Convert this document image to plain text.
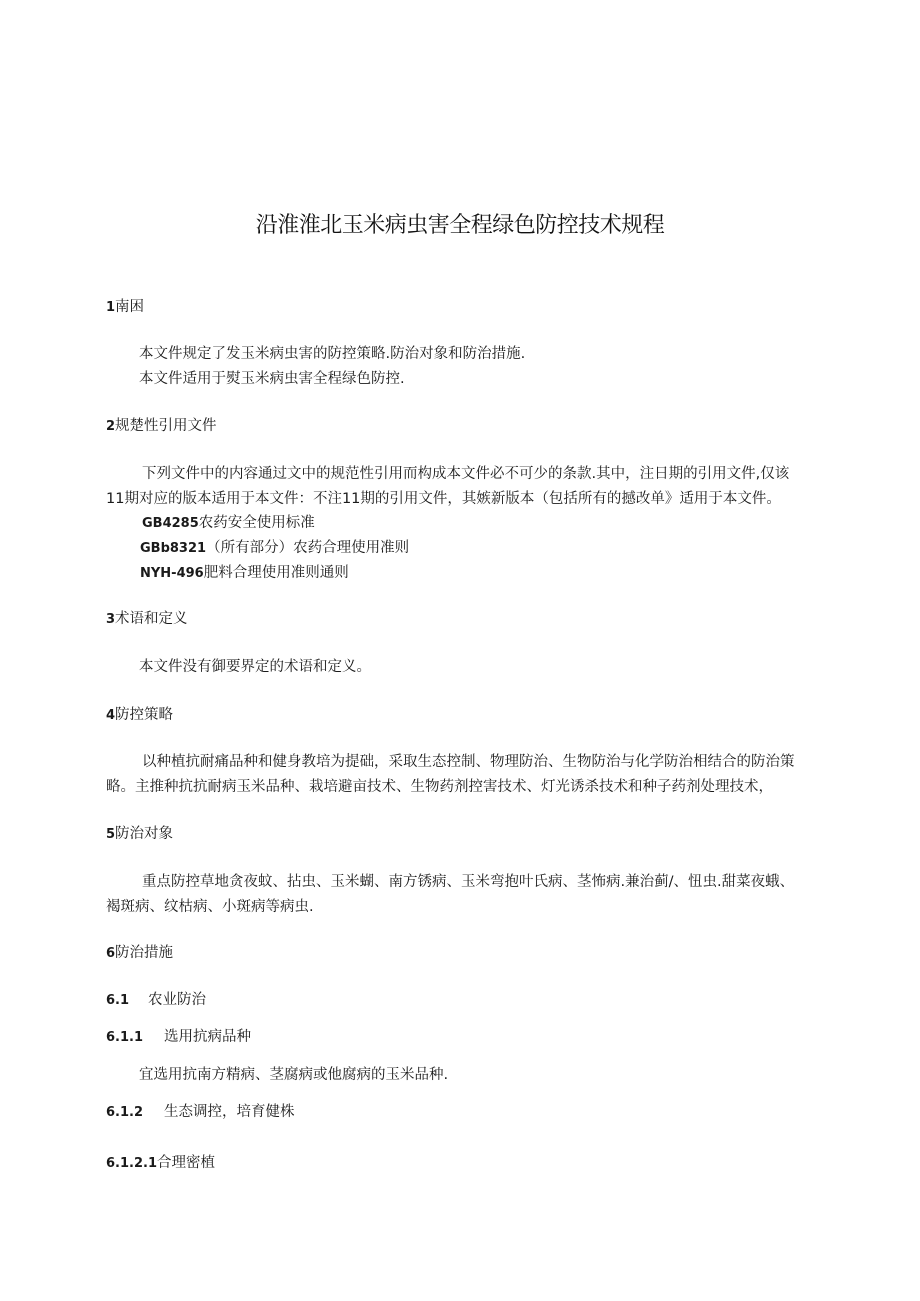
沿淮淮北玉米病虫害全程绿色防控技术规程
1南困
本文件规定了发玉米病虫害的防控策略.防治对象和防治措施.
本文件适用于熨玉米病虫害全程绿色防控.
2规楚性引用文件
下列文件中的内容通过文中的规范性引用而构成本文件必不可少的条款.其中，注日期的引用文件,仅该
11期对应的版本适用于本文件：不注11期的引用文件，其嫉新版本（包括所有的撼改单》适用于本文件。
GB4285农药安全使用标准
GBb8321（所有部分）农药合理使用准则
NYH-496肥料合理使用准则通则
3术语和定义
本文件没有御要界定的术语和定义。
4防控策略
以种植抗耐痛品种和健身教培为提础，采取生态控制、物理防治、生物防治与化学防治相结合的防治策
略。主推种抗抗耐病玉米品种、栽培避亩技术、生物药剂控害技术、灯光诱杀技术和种子药剂处理技术，
5防治对象
重点防控草地贪夜蚊、拈虫、玉米蝴、南方锈病、玉米弯抱叶氏病、茎怖病.兼治蓟/、忸虫.甜菜夜蛾、
褐斑病、纹枯病、小斑病等病虫.
6防治措施
6.1 农业防治
6.1.1 选用抗病品种
宜选用抗南方精病、茎腐病或他腐病的玉米品种.
6.1.2 生态调控，培育健株
6.1.2.1合理密植
